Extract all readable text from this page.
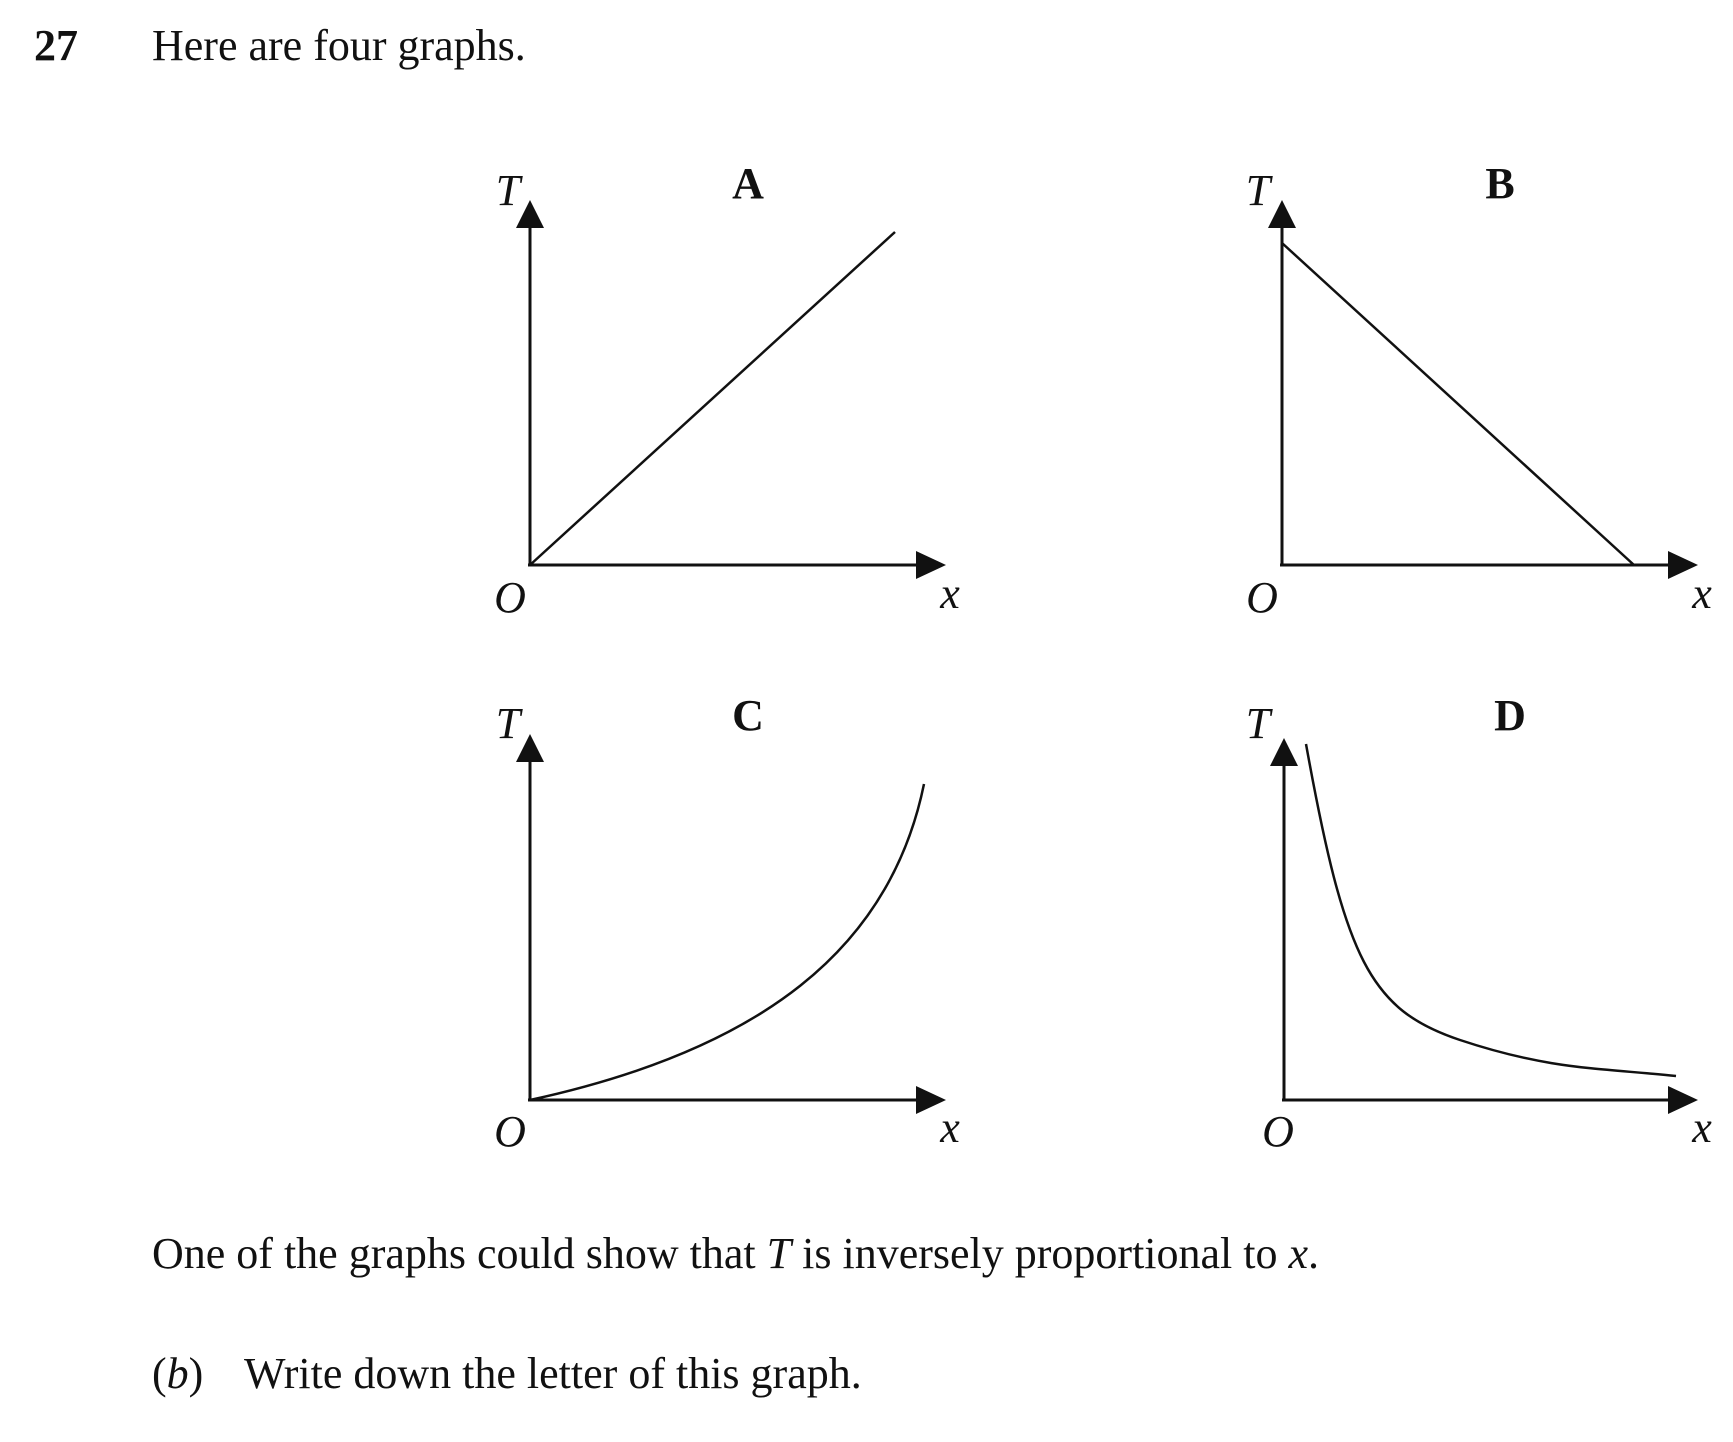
27 Here are four graphs.
A
T
O	x
B
T
O	x
C
T
O	x
D
T
O	x
One of the graphs could show that T is inversely proportional to x.
(b) Write down the letter of this graph.
